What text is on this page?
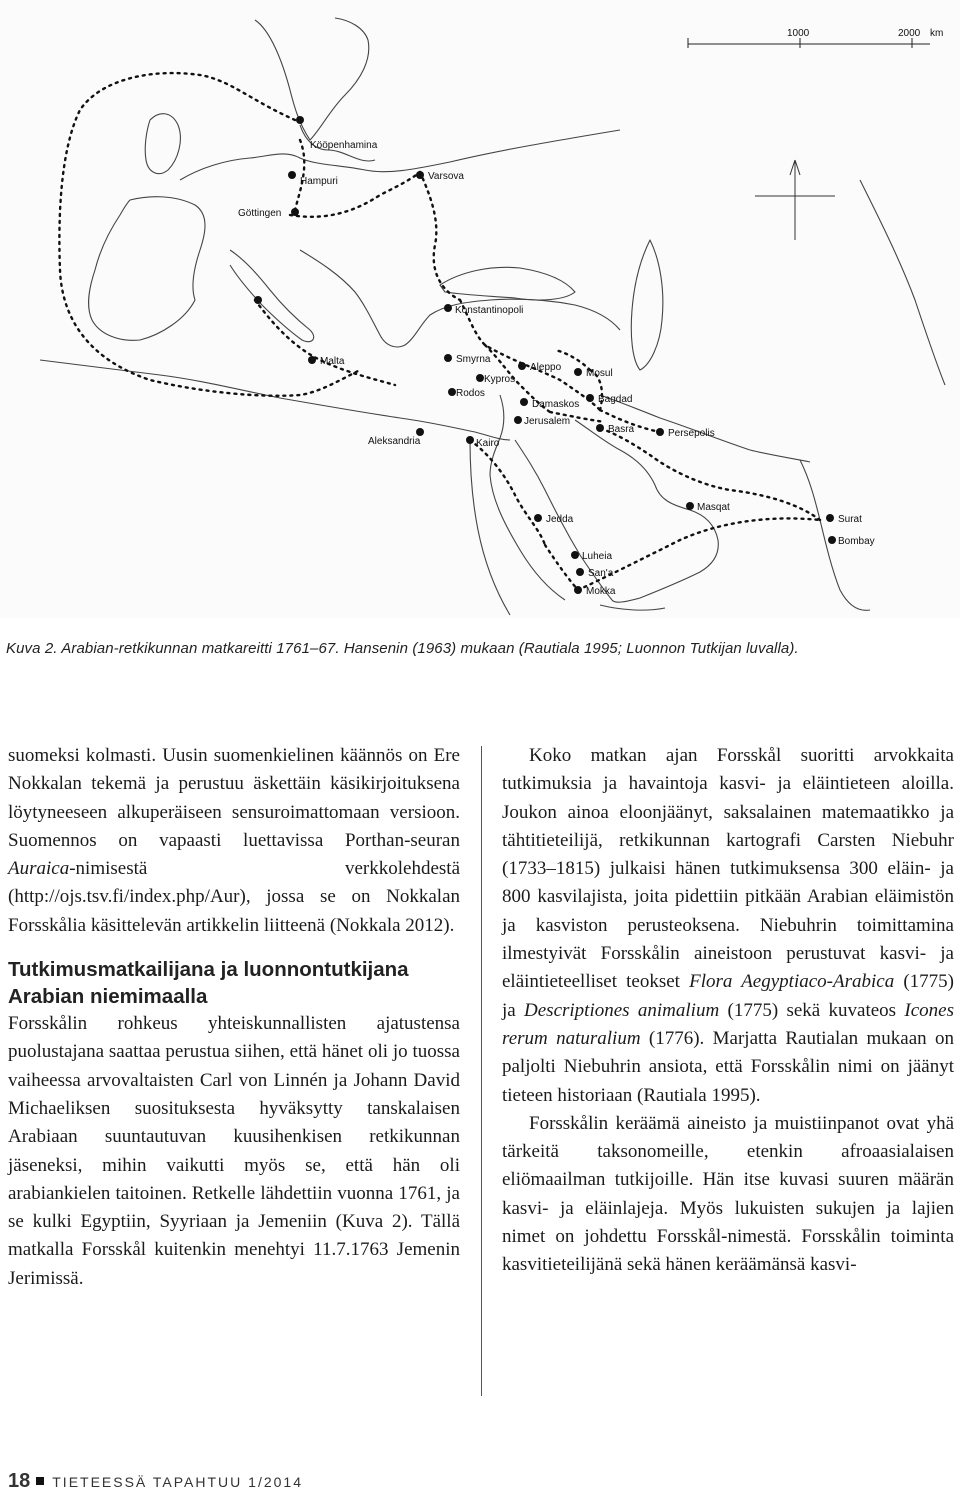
1000	2000 km
Kööpenhamina
Hampuri	Varsova
Göttingen
Konstantinopoli
Smyrna
Aleppo
Mosul
Kypros
Rodos
Malta
Bagdad
Damaskos
Jerusalem
Basra	Persepolis
Aleksandria	Kairo
Masqat
Jedda	Surat
Bombay
Luheia
San'a
Mokka
Kuva 2. Arabian-retkikunnan matkareitti 1761–67. Hansenin (1963) mukaan (Rautiala 1995; Luonnon Tutkijan luvalla).

suomeksi kolmasti. Uusin suomenkielinen käännös on Ere Nokkalan tekemä ja perustuu äskettäin käsikirjoituksena löytyneeseen alkuperäiseen sensuroimattomaan versioon. Suomennos on vapaasti luettavissa Porthan-seuran Auraica-nimisestä verkkolehdestä (http://ojs.tsv.fi/index.php/Aur), jossa se on Nokkalan Forsskålia käsittelevän artikkelin liitteenä (Nokkala 2012).

Tutkimusmatkailijana ja luonnontutkijana Arabian niemimaalla

Forsskålin rohkeus yhteiskunnallisten ajatustensa puolustajana saattaa perustua siihen, että hänet oli jo tuossa vaiheessa arvovaltaisten Carl von Linnén ja Johann David Michaeliksen suosituksesta hyväksytty tanskalaisen Arabiaan suuntautuvan kuusihenkisen retkikunnan jäseneksi, mihin vaikutti myös se, että hän oli arabiankielen taitoinen. Retkelle lähdettiin vuonna 1761, ja se kulki Egyptiin, Syyriaan ja Jemeniin (Kuva 2). Tällä matkalla Forsskål kuitenkin menehtyi 11.7.1763 Jemenin Jerimissä.

Koko matkan ajan Forsskål suoritti arvokkaita tutkimuksia ja havaintoja kasvi- ja eläintieteen aloilla. Joukon ainoa eloonjäänyt, saksalainen matemaatikko ja tähtitieteilijä, retkikunnan kartografi Carsten Niebuhr (1733–1815) julkaisi hänen tutkimuksensa 300 eläin- ja 800 kasvilajista, joita pidettiin pitkään Arabian eläimistön ja kasviston perusteoksena. Niebuhrin toimittamina ilmestyivät Forsskålin aineistoon perustuvat kasvi- ja eläintieteelliset teokset Flora Aegyptiaco-Arabica (1775) ja Descriptiones animalium (1775) sekä kuvateos Icones rerum naturalium (1776). Marjatta Rautialan mukaan on paljolti Niebuhrin ansiota, että Forsskålin nimi on jäänyt tieteen historiaan (Rautiala 1995).

Forsskålin keräämä aineisto ja muistiinpanot ovat yhä tärkeitä taksonomeille, etenkin afroaasialaisen eliömaailman tutkijoille. Hän itse kuvasi suuren määrän kasvi- ja eläinlajeja. Myös lukuisten sukujen ja lajien nimet on johdettu Forsskål-nimestä. Forsskålin toiminta kasvitieteilijänä sekä hänen keräämänsä kasvi-

18 TIETEESSÄ TAPAHTUU 1/2014
